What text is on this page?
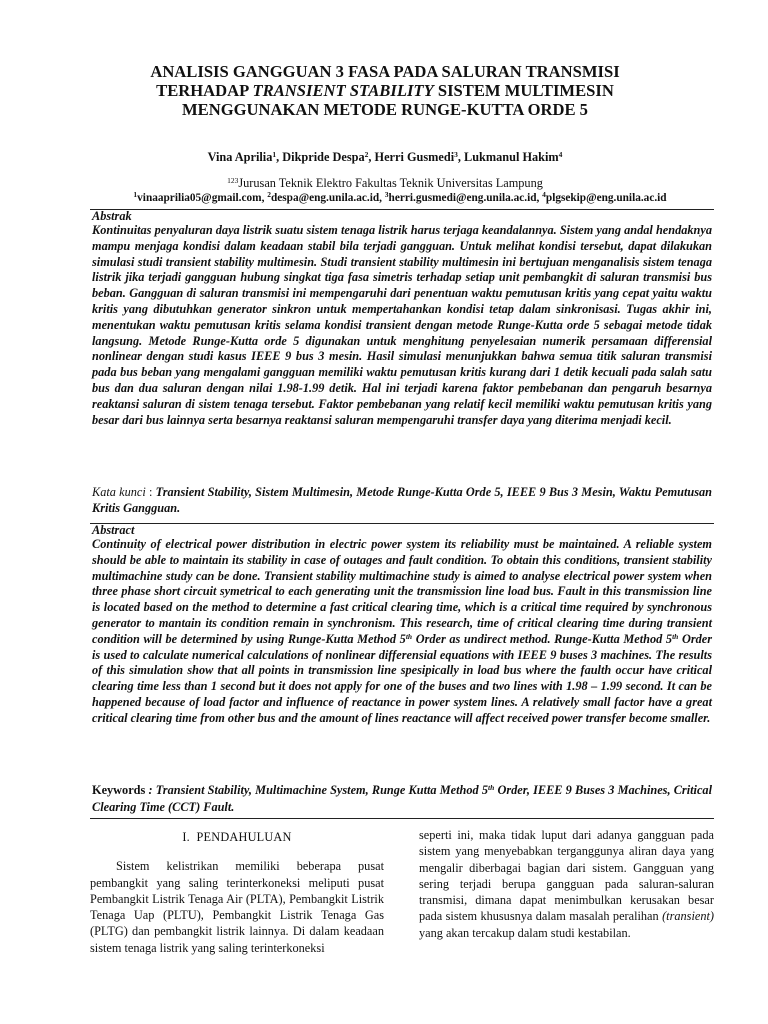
ANALISIS GANGGUAN 3 FASA PADA SALURAN TRANSMISI
TERHADAP TRANSIENT STABILITY SISTEM MULTIMESIN
MENGGUNAKAN METODE RUNGE-KUTTA ORDE 5
Vina Aprilia$^1$, Dikpride Despa$^2$, Herri Gusmedi$^3$, Lukmanul Hakim$^4$
$^{123}$Jurusan Teknik Elektro Fakultas Teknik Universitas Lampung
$^1$vinaaprilia05@gmail.com, $^2$despa@eng.unila.ac.id, $^3$herri.gusmedi@eng.unila.ac.id, $^4$plgsekip@eng.unila.ac.id
Abstrak
Kontinuitas penyaluran daya listrik suatu sistem tenaga listrik harus terjaga keandalannya. Sistem yang andal hendaknya mampu menjaga kondisi dalam keadaan stabil bila terjadi gangguan. Untuk melihat kondisi tersebut, dapat dilakukan simulasi studi transient stability multimesin. Studi transient stability multimesin ini bertujuan menganalisis sistem tenaga listrik jika terjadi gangguan hubung singkat tiga fasa simetris terhadap setiap unit pembangkit di saluran transmisi bus beban. Gangguan di saluran transmisi ini mempengaruhi dari penentuan waktu pemutusan kritis yang cepat yaitu waktu kritis yang dibutuhkan generator sinkron untuk mempertahankan kondisi tetap dalam sinkronisasi. Tugas akhir ini, menentukan waktu pemutusan kritis selama kondisi transient dengan metode Runge-Kutta orde 5 sebagai metode tidak langsung. Metode Runge-Kutta orde 5 digunakan untuk menghitung penyelesaian numerik persamaan differensial nonlinear dengan studi kasus IEEE 9 bus 3 mesin. Hasil simulasi menunjukkan bahwa semua titik saluran transmisi pada bus beban yang mengalami gangguan memiliki waktu pemutusan kritis kurang dari 1 detik kecuali pada salah satu bus dan dua saluran dengan nilai 1.98-1.99 detik. Hal ini terjadi karena faktor pembebanan dan pengaruh besarnya reaktansi saluran di sistem tenaga tersebut. Faktor pembebanan yang relatif kecil memiliki waktu pemutusan kritis yang besar dari bus lainnya serta besarnya reaktansi saluran mempengaruhi transfer daya yang diterima menjadi kecil.
Kata kunci : Transient Stability, Sistem Multimesin, Metode Runge-Kutta Orde 5, IEEE 9 Bus 3 Mesin, Waktu Pemutusan Kritis Gangguan.
Abstract
Continuity of electrical power distribution in electric power system its reliability must be maintained. A reliable system should be able to maintain its stability in case of outages and fault condition. To obtain this conditions, transient stability multimachine study can be done. Transient stability multimachine study is aimed to analyse electrical power system when three phase short circuit symetrical to each generating unit the transmission line load bus. Fault in this transmission line is located based on the method to determine a fast critical clearing time, which is a critical time required by synchronous generator to mantain its condition remain in synchronism. This research, time of critical clearing time during transient condition will be determined by using Runge-Kutta Method 5th Order as undirect method. Runge-Kutta Method 5th Order is used to calculate numerical calculations of nonlinear differensial equations with IEEE 9 buses 3 machines. The results of this simulation show that all points in transmission line spesipically in load bus where the faulth occur have critical clearing time less than 1 second but it does not apply for one of the buses and two lines with 1.98 – 1.99 second. It can be happened because of load factor and influence of reactance in power system lines. A relatively small factor have a great critical clearing time from other bus and the amount of lines reactance will affect received power transfer become smaller.
Keywords : Transient Stability, Multimachine System, Runge Kutta Method 5th Order, IEEE 9 Buses 3 Machines, Critical Clearing Time (CCT) Fault.
I.  PENDAHULUAN

Sistem kelistrikan memiliki beberapa pusat pembangkit yang saling terinterkoneksi meliputi pusat Pembangkit Listrik Tenaga Air (PLTA), Pembangkit Listrik Tenaga Uap (PLTU), Pembangkit Listrik Tenaga Gas (PLTG) dan pembangkit listrik lainnya. Di dalam keadaan sistem tenaga listrik yang saling terinterkoneksi

seperti ini, maka tidak luput dari adanya gangguan pada sistem yang menyebabkan terganggunya aliran daya yang mengalir diberbagai bagian dari sistem. Gangguan yang sering terjadi berupa gangguan pada saluran-saluran transmisi, dimana dapat menimbulkan kerusakan besar pada sistem khususnya dalam masalah peralihan (transient) yang akan tercakup dalam studi kestabilan.
